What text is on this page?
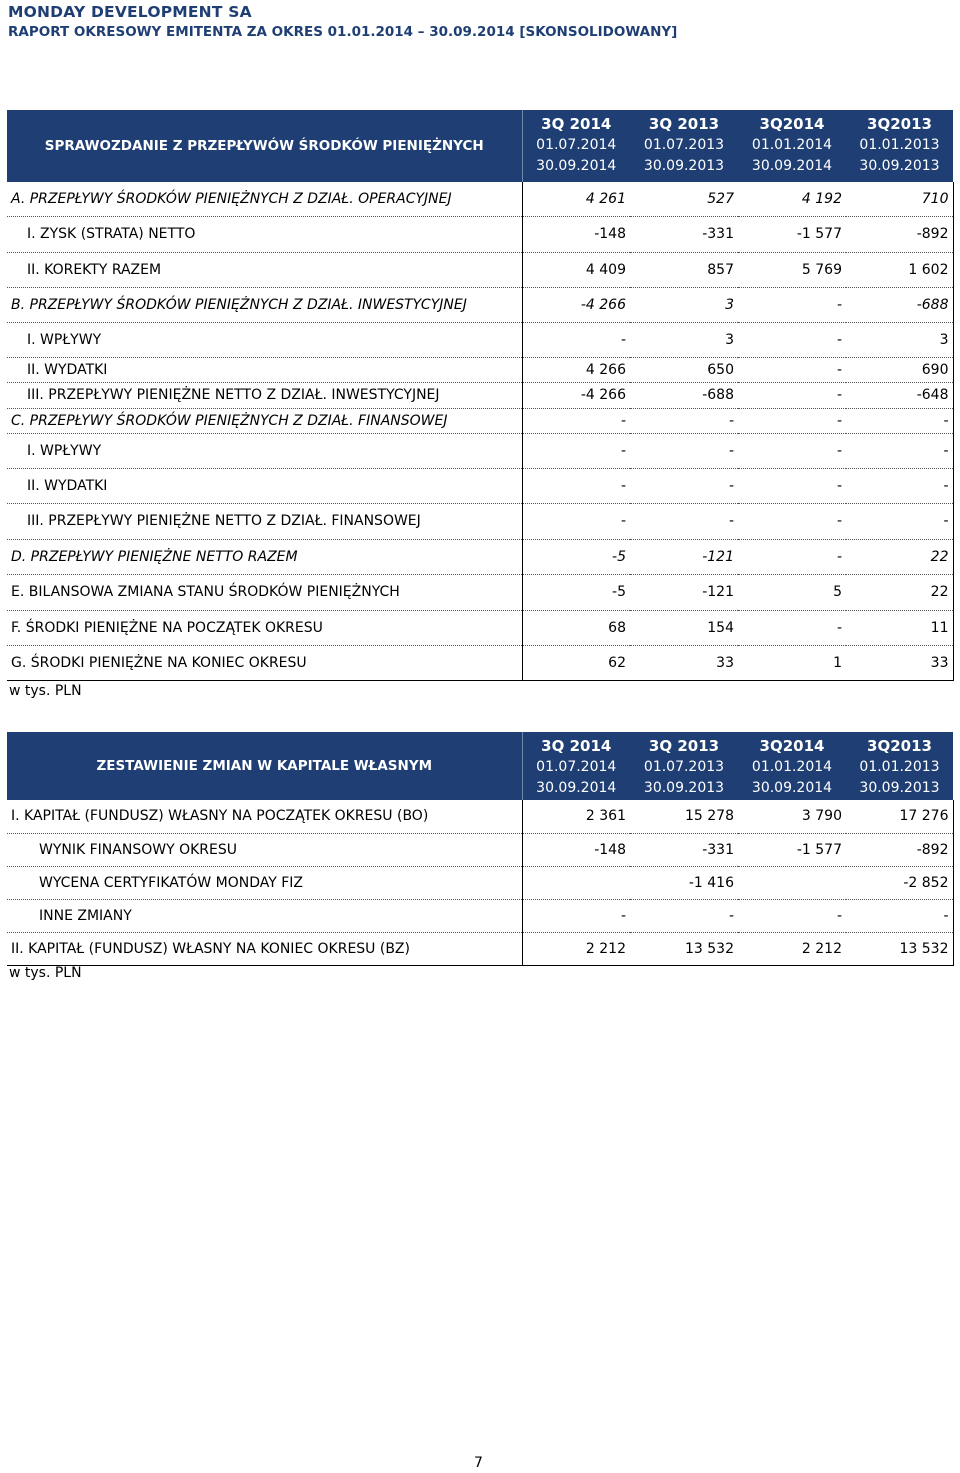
MONDAY DEVELOPMENT SA
RAPORT OKRESOWY EMITENTA ZA OKRES 01.01.2014 – 30.09.2014 [SKONSOLIDOWANY]
SPRAWOZDANIE Z PRZEPŁYWÓW ŚRODKÓW PIENIĘŻNYCH	3Q 2014
01.07.2014
30.09.2014	3Q 2013
01.07.2013
30.09.2013	3Q2014
01.01.2014
30.09.2014	3Q2013
01.01.2013
30.09.2013

A. PRZEPŁYWY ŚRODKÓW PIENIĘŻNYCH Z DZIAŁ. OPERACYJNEJ	4 261	527	4 192	710
I. ZYSK (STRATA) NETTO	-148	-331	-1 577	-892
II. KOREKTY RAZEM	4 409	857	5 769	1 602
B. PRZEPŁYWY ŚRODKÓW PIENIĘŻNYCH Z DZIAŁ. INWESTYCYJNEJ	-4 266	3	-	-688
I. WPŁYWY	-	3	-	3
II. WYDATKI	4 266	650	-	690
III. PRZEPŁYWY PIENIĘŻNE NETTO Z DZIAŁ. INWESTYCYJNEJ	-4 266	-688	-	-648
C. PRZEPŁYWY ŚRODKÓW PIENIĘŻNYCH Z DZIAŁ. FINANSOWEJ	-	-	-	-
I. WPŁYWY	-	-	-	-
II. WYDATKI	-	-	-	-
III. PRZEPŁYWY PIENIĘŻNE NETTO Z DZIAŁ. FINANSOWEJ	-	-	-	-
D. PRZEPŁYWY PIENIĘŻNE NETTO RAZEM	-5	-121	-	22
E. BILANSOWA ZMIANA STANU ŚRODKÓW PIENIĘŻNYCH	-5	-121	5	22
F. ŚRODKI PIENIĘŻNE NA POCZĄTEK OKRESU	68	154	-	11
G. ŚRODKI PIENIĘŻNE NA KONIEC OKRESU	62	33	1	33
w tys. PLN
ZESTAWIENIE ZMIAN W KAPITALE WŁASNYM	3Q 2014
01.07.2014
30.09.2014	3Q 2013
01.07.2013
30.09.2013	3Q2014
01.01.2014
30.09.2014	3Q2013
01.01.2013
30.09.2013

I. KAPITAŁ (FUNDUSZ) WŁASNY NA POCZĄTEK OKRESU (BO)	2 361	15 278	3 790	17 276
WYNIK FINANSOWY OKRESU	-148	-331	-1 577	-892
WYCENA CERTYFIKATÓW MONDAY FIZ		-1 416		-2 852
INNE ZMIANY	-	-	-	-
II. KAPITAŁ (FUNDUSZ) WŁASNY NA KONIEC OKRESU (BZ)	2 212	13 532	2 212	13 532
w tys. PLN
7
